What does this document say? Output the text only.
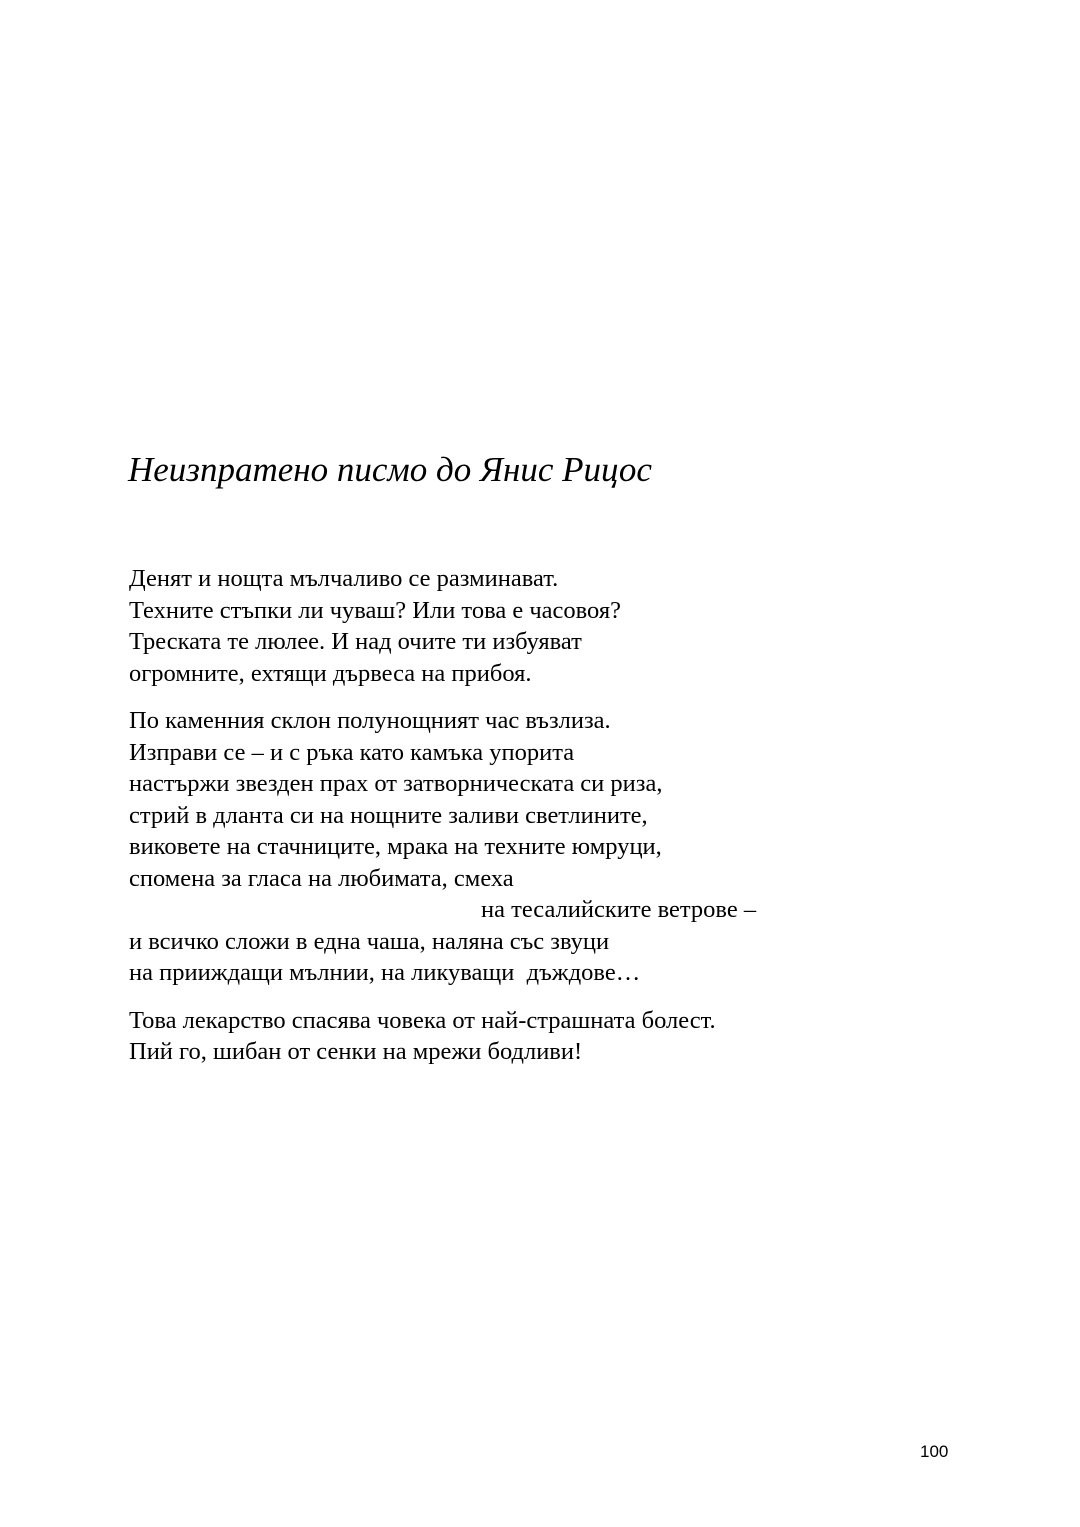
Неизпратено писмо до Янис Рицос

Денят и нощта мълчаливо се разминават.
Техните стъпки ли чуваш? Или това е часовоя?
Треската те люлее. И над очите ти избуяват
огромните, ехтящи дървеса на прибоя.

По каменния склон полунощният час възлиза.
Изправи се – и с ръка като камъка упорита
настържи звезден прах от затворническата си риза,
стрий в дланта си на нощните заливи светлините,
виковете на стачниците, мрака на техните юмруци,
спомена за гласа на любимата, смеха
на тесалийските ветрове –
и всичко сложи в една чаша, наляна със звуци
на прииждащи мълнии, на ликуващи  дъждове…

Това лекарство спасява човека от най-страшната болест.
Пий го, шибан от сенки на мрежи бодливи!

100
